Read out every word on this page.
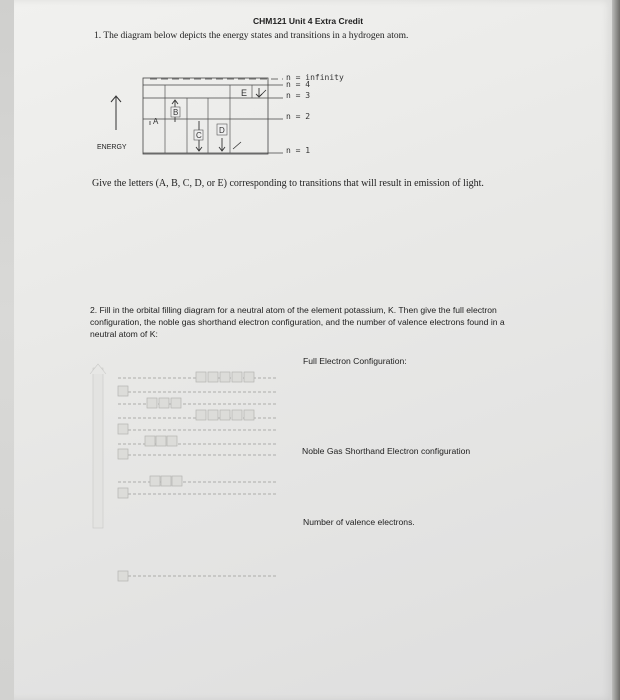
CHM121 Unit 4 Extra Credit
1. The diagram below depicts the energy states and transitions in a hydrogen atom.
A
B
C
D
E
n = infinity
n = 4
n = 3
n = 2
n = 1
ENERGY
Give the letters (A, B, C, D, or E) corresponding to transitions that will result in emission of light.
2. Fill in the orbital filling diagram for a neutral atom of the element potassium, K. Then give the full electron configuration, the noble gas shorthand electron configuration, and the number of valence electrons found in a neutral atom of K:
Full Electron Configuration:
Noble Gas Shorthand Electron configuration
Number of valence electrons.
